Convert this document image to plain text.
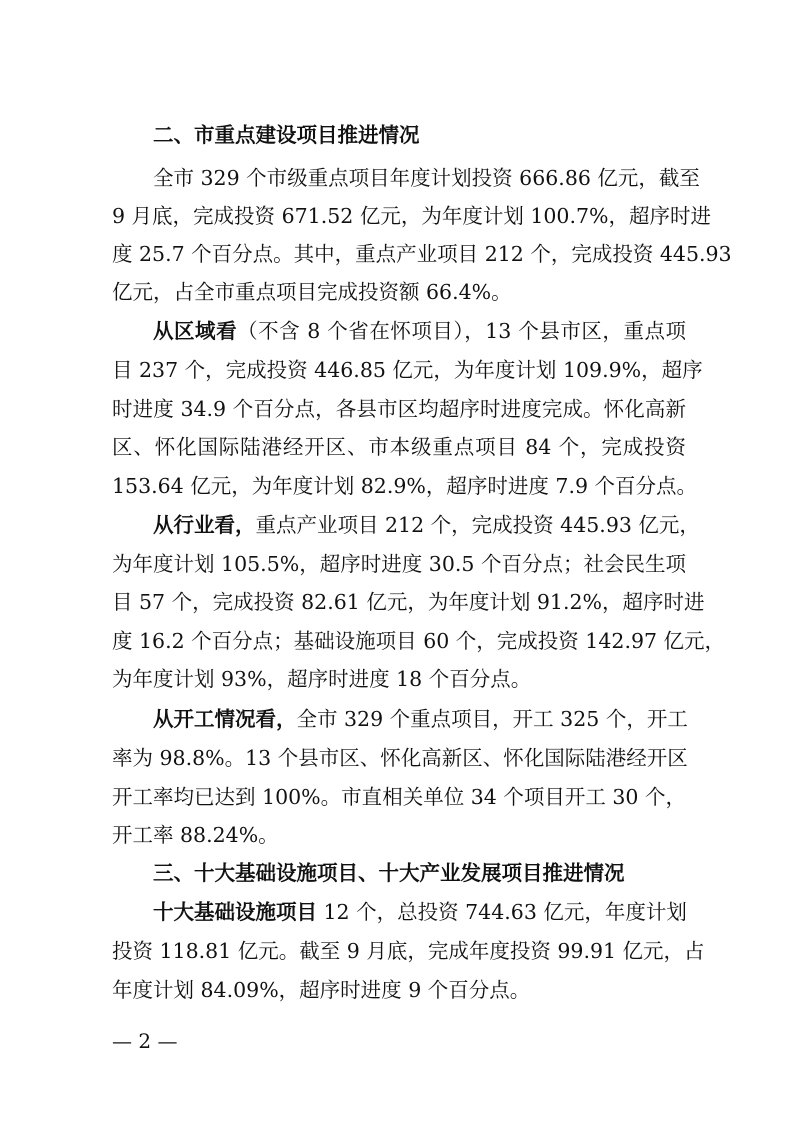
二、市重点建设项目推进情况
全市 329 个市级重点项目年度计划投资 666.86 亿元，截至
9 月底，完成投资 671.52 亿元，为年度计划 100.7%，超序时进
度 25.7 个百分点。其中，重点产业项目 212 个，完成投资 445.93
亿元，占全市重点项目完成投资额 66.4%。
从区域看（不含 8 个省在怀项目），13 个县市区，重点项
目 237 个，完成投资 446.85 亿元，为年度计划 109.9%，超序
时进度 34.9 个百分点，各县市区均超序时进度完成。怀化高新
区、怀化国际陆港经开区、市本级重点项目 84 个，完成投资
153.64 亿元，为年度计划 82.9%，超序时进度 7.9 个百分点。
从行业看，重点产业项目 212 个，完成投资 445.93 亿元，
为年度计划 105.5%，超序时进度 30.5 个百分点；社会民生项
目 57 个，完成投资 82.61 亿元，为年度计划 91.2%，超序时进
度 16.2 个百分点；基础设施项目 60 个，完成投资 142.97 亿元，
为年度计划 93%，超序时进度 18 个百分点。
从开工情况看，全市 329 个重点项目，开工 325 个，开工
率为 98.8%。13 个县市区、怀化高新区、怀化国际陆港经开区
开工率均已达到 100%。市直相关单位 34 个项目开工 30 个，
开工率 88.24%。
三、十大基础设施项目、十大产业发展项目推进情况
十大基础设施项目 12 个，总投资 744.63 亿元，年度计划
投资 118.81 亿元。截至 9 月底，完成年度投资 99.91 亿元，占
年度计划 84.09%，超序时进度 9 个百分点。
— 2 —
